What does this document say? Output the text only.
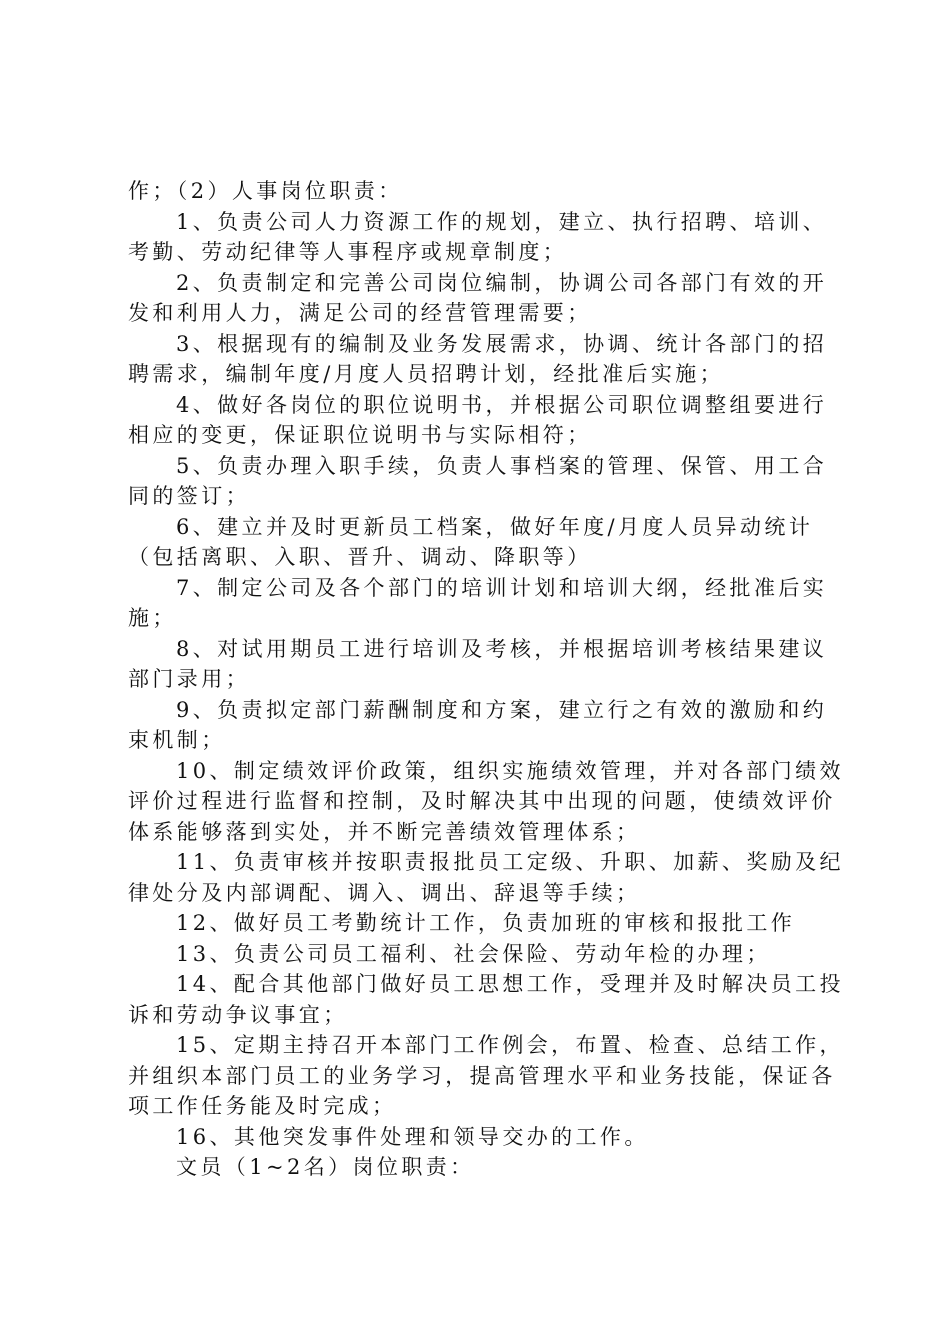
作；（2）人事岗位职责：

1、负责公司人力资源工作的规划，建立、执行招聘、培训、考勤、劳动纪律等人事程序或规章制度；

2、负责制定和完善公司岗位编制，协调公司各部门有效的开发和利用人力，满足公司的经营管理需要；

3、根据现有的编制及业务发展需求，协调、统计各部门的招聘需求，编制年度/月度人员招聘计划，经批准后实施；

4、做好各岗位的职位说明书，并根据公司职位调整组要进行相应的变更，保证职位说明书与实际相符；

5、负责办理入职手续，负责人事档案的管理、保管、用工合同的签订；

6、建立并及时更新员工档案，做好年度/月度人员异动统计（包括离职、入职、晋升、调动、降职等）

7、制定公司及各个部门的培训计划和培训大纲，经批准后实施；

8、对试用期员工进行培训及考核，并根据培训考核结果建议部门录用；

9、负责拟定部门薪酬制度和方案，建立行之有效的激励和约束机制；

10、制定绩效评价政策，组织实施绩效管理，并对各部门绩效评价过程进行监督和控制，及时解决其中出现的问题，使绩效评价体系能够落到实处，并不断完善绩效管理体系；

11、负责审核并按职责报批员工定级、升职、加薪、奖励及纪律处分及内部调配、调入、调出、辞退等手续；

12、做好员工考勤统计工作，负责加班的审核和报批工作

13、负责公司员工福利、社会保险、劳动年检的办理；

14、配合其他部门做好员工思想工作，受理并及时解决员工投诉和劳动争议事宜；

15、定期主持召开本部门工作例会，布置、检查、总结工作，并组织本部门员工的业务学习，提高管理水平和业务技能，保证各项工作任务能及时完成；

16、其他突发事件处理和领导交办的工作。

文员（1~2名）岗位职责：
